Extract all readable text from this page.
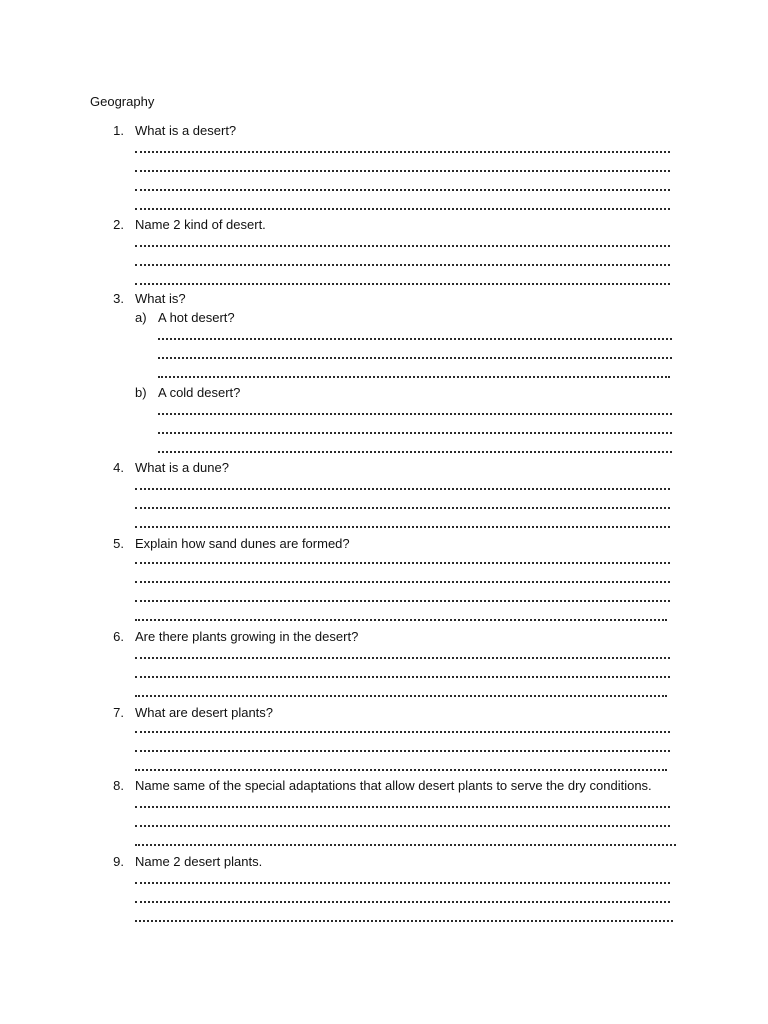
Geography
1. What is a desert?
2. Name 2 kind of desert.
3. What is?
a) A hot desert?
b) A cold desert?
4. What is a dune?
5. Explain how sand dunes are formed?
6. Are there plants growing in the desert?
7. What are desert plants?
8. Name same of the special adaptations that allow desert plants to serve the dry conditions.
9. Name 2 desert plants.
